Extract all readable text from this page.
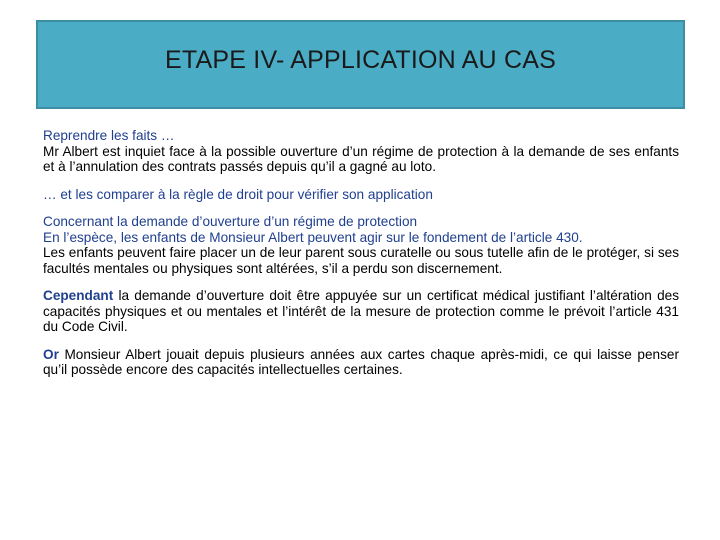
ETAPE IV- APPLICATION AU CAS

Reprendre les faits …

Mr Albert est inquiet face à la possible ouverture d’un régime de protection à la demande de ses enfants et à l’annulation des contrats passés depuis qu’il a gagné au loto.

… et les comparer à la règle de droit pour vérifier son application

Concernant la demande d’ouverture d’un régime de protection

En l’espèce, les enfants de Monsieur Albert peuvent agir sur le fondement de l’article 430.

Les enfants peuvent faire placer un de leur parent sous curatelle ou sous tutelle afin de le protéger, si ses facultés mentales ou physiques sont altérées, s’il a perdu son discernement.

Cependant la demande d’ouverture doit être appuyée sur un certificat médical justifiant l’altération des capacités physiques et ou mentales et l’intérêt de la mesure de protection comme le prévoit l’article 431 du Code Civil.

Or Monsieur Albert jouait depuis plusieurs années aux cartes chaque après-midi, ce qui laisse penser qu’il possède encore des capacités intellectuelles certaines.
